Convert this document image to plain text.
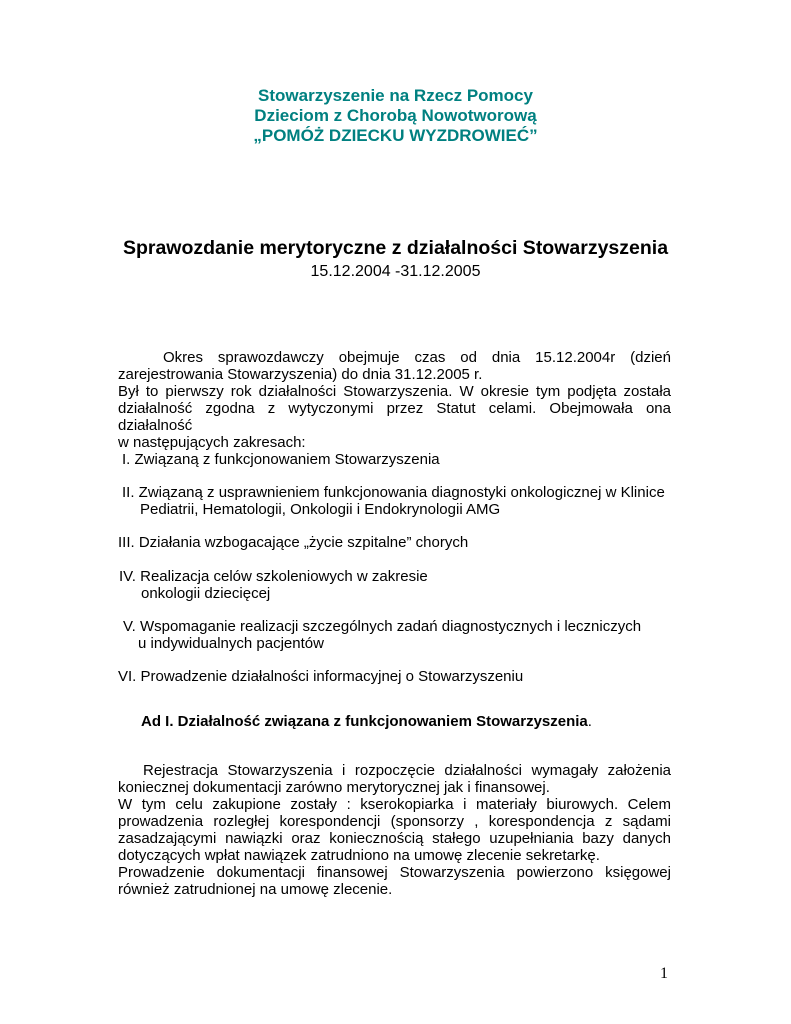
Stowarzyszenie na Rzecz Pomocy
Dzieciom z Chorobą Nowotworową
„POMÓŻ DZIECKU WYZDROWIEĆ”
Sprawozdanie merytoryczne z działalności Stowarzyszenia
15.12.2004 -31.12.2005
Okres sprawozdawczy obejmuje czas od dnia 15.12.2004r (dzień
zarejestrowania Stowarzyszenia) do dnia 31.12.2005 r.
Był to pierwszy rok działalności Stowarzyszenia. W okresie tym podjęta została
działalność zgodna z wytyczonymi przez Statut celami. Obejmowała ona działalność
w następujących zakresach:
I. Związaną z funkcjonowaniem Stowarzyszenia
II. Związaną z usprawnieniem funkcjonowania diagnostyki onkologicznej w Klinice
Pediatrii, Hematologii, Onkologii i Endokrynologii AMG
III. Działania wzbogacające „życie szpitalne” chorych
IV. Realizacja celów szkoleniowych w zakresie
onkologii dziecięcej
V. Wspomaganie realizacji szczególnych zadań diagnostycznych i leczniczych
u indywidualnych pacjentów
VI. Prowadzenie działalności informacyjnej o Stowarzyszeniu
Ad I. Działalność związana z funkcjonowaniem Stowarzyszenia.
Rejestracja Stowarzyszenia i rozpoczęcie działalności wymagały założenia
koniecznej dokumentacji zarówno merytorycznej jak i finansowej.
W tym celu zakupione zostały : kserokopiarka i materiały biurowych. Celem
prowadzenia rozległej korespondencji (sponsorzy , korespondencja z sądami
zasadzającymi nawiązki oraz koniecznością stałego uzupełniania bazy danych
dotyczących wpłat nawiązek zatrudniono na umowę zlecenie sekretarkę.
Prowadzenie dokumentacji finansowej Stowarzyszenia powierzono księgowej
również zatrudnionej na umowę zlecenie.
1
